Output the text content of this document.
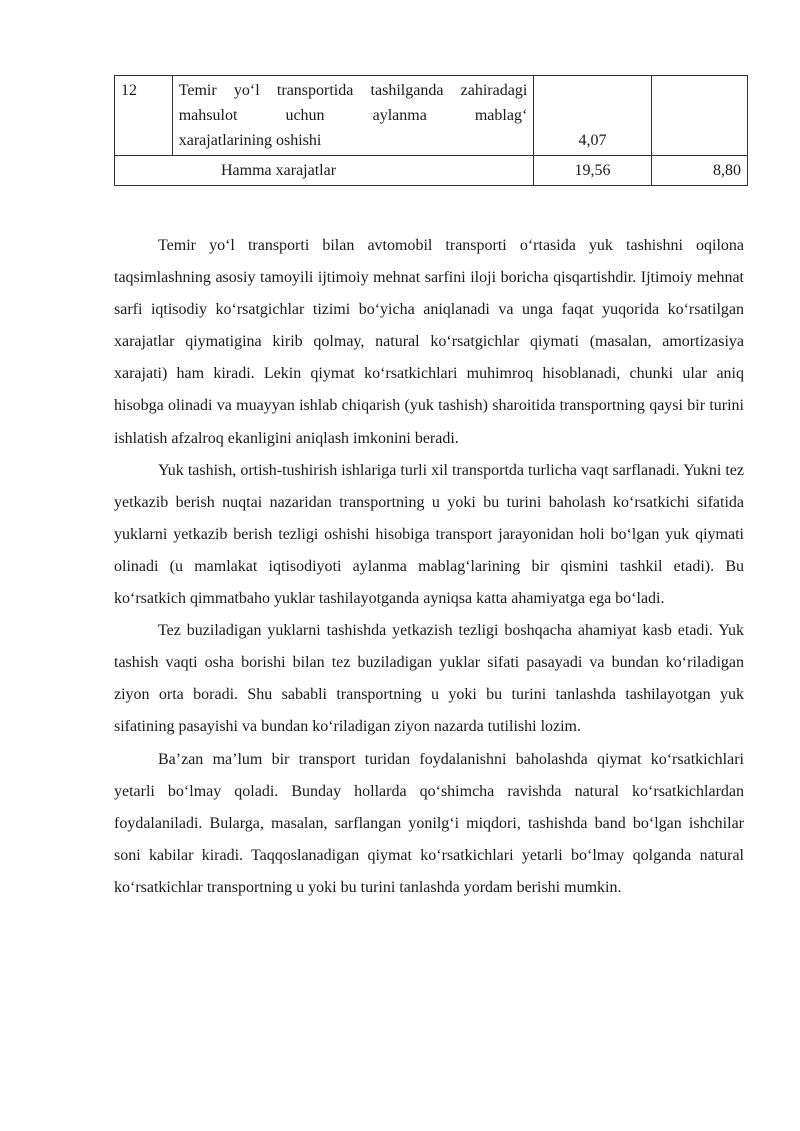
12	Temir yo‘l transportida tashilganda zahiradagi
mahsulot uchun aylanma mablag‘
xarajatlarining oshishi	4,07	
Hamma xarajatlar		19,56	8,80

Temir yo‘l transporti bilan avtomobil transporti o‘rtasida yuk tashishni oqilona taqsimlashning asosiy tamoyili ijtimoiy mehnat sarfini iloji boricha qisqartishdir. Ijtimoiy mehnat sarfi iqtisodiy ko‘rsatgichlar tizimi bo‘yicha aniqlanadi va unga faqat yuqorida ko‘rsatilgan xarajatlar qiymatigina kirib qolmay, natural ko‘rsatgichlar qiymati (masalan, amortizasiya xarajati) ham kiradi. Lekin qiymat ko‘rsatkichlari muhimroq hisoblanadi, chunki ular aniq hisobga olinadi va muayyan ishlab chiqarish (yuk tashish) sharoitida transportning qaysi bir turini ishlatish afzalroq ekanligini aniqlash imkonini beradi.

Yuk tashish, ortish-tushirish ishlariga turli xil transportda turlicha vaqt sarflanadi. Yukni tez yetkazib berish nuqtai nazaridan transportning u yoki bu turini baholash ko‘rsatkichi sifatida yuklarni yetkazib berish tezligi oshishi hisobiga transport jarayonidan holi bo‘lgan yuk qiymati olinadi (u mamlakat iqtisodiyoti aylanma mablag‘larining bir qismini tashkil etadi). Bu ko‘rsatkich qimmatbaho yuklar tashilayotganda ayniqsa katta ahamiyatga ega bo‘ladi.

Tez buziladigan yuklarni tashishda yetkazish tezligi boshqacha ahamiyat kasb etadi. Yuk tashish vaqti osha borishi bilan tez buziladigan yuklar sifati pasayadi va bundan ko‘riladigan ziyon orta boradi. Shu sababli transportning u yoki bu turini tanlashda tashilayotgan yuk sifatining pasayishi va bundan ko‘riladigan ziyon nazarda tutilishi lozim.

Ba’zan ma’lum bir transport turidan foydalanishni baholashda qiymat ko‘rsatkichlari yetarli bo‘lmay qoladi. Bunday hollarda qo‘shimcha ravishda natural ko‘rsatkichlardan foydalaniladi. Bularga, masalan, sarflangan yonilg‘i miqdori, tashishda band bo‘lgan ishchilar soni kabilar kiradi. Taqqoslanadigan qiymat ko‘rsatkichlari yetarli bo‘lmay qolganda natural ko‘rsatkichlar transportning u yoki bu turini tanlashda yordam berishi mumkin.
